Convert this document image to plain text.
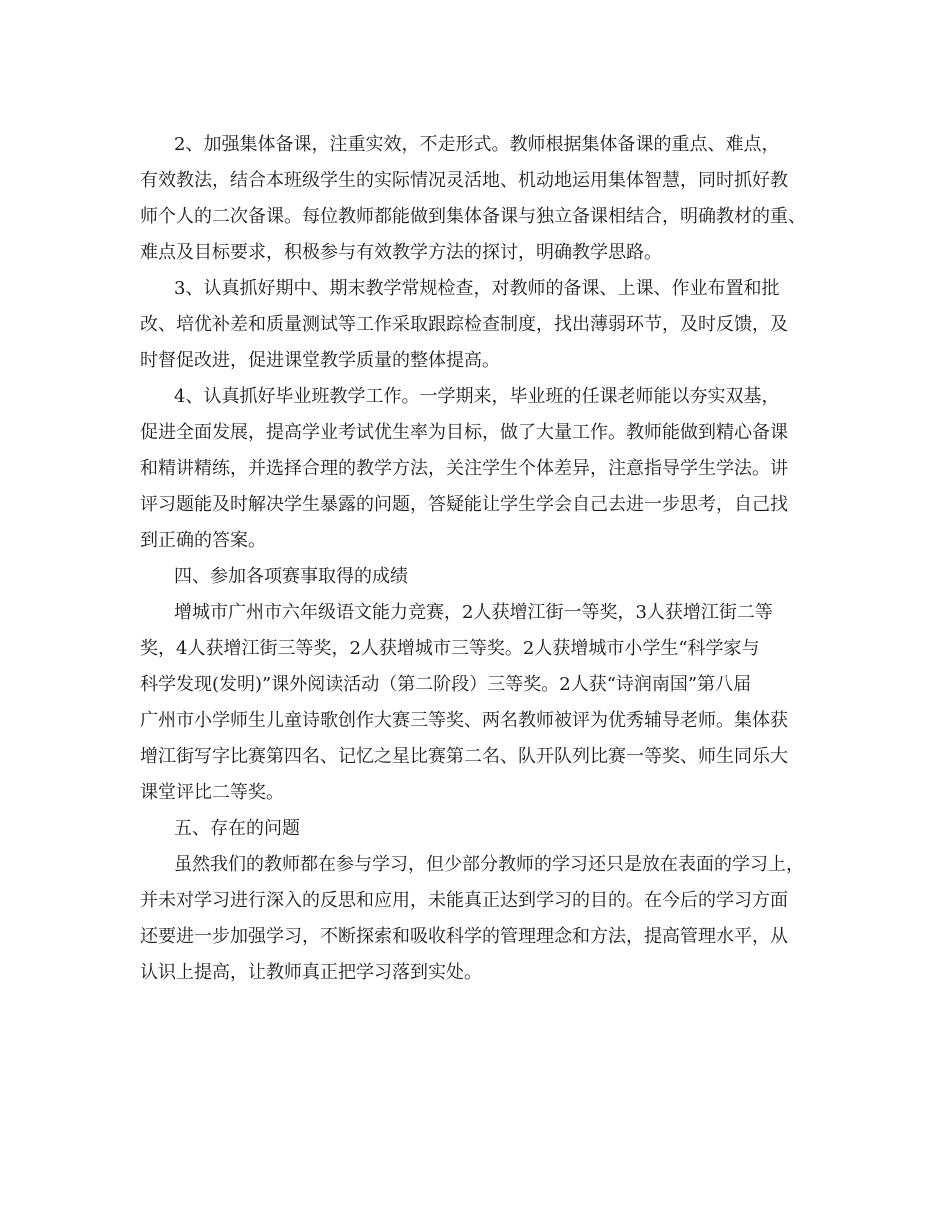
2、加强集体备课，注重实效，不走形式。教师根据集体备课的重点、难点，
有效教法，结合本班级学生的实际情况灵活地、机动地运用集体智慧，同时抓好教
师个人的二次备课。每位教师都能做到集体备课与独立备课相结合，明确教材的重、
难点及目标要求，积极参与有效教学方法的探讨，明确教学思路。
3、认真抓好期中、期末教学常规检查，对教师的备课、上课、作业布置和批
改、培优补差和质量测试等工作采取跟踪检查制度，找出薄弱环节，及时反馈，及
时督促改进，促进课堂教学质量的整体提高。
4、认真抓好毕业班教学工作。一学期来，毕业班的任课老师能以夯实双基，
促进全面发展，提高学业考试优生率为目标，做了大量工作。教师能做到精心备课
和精讲精练，并选择合理的教学方法，关注学生个体差异，注意指导学生学法。讲
评习题能及时解决学生暴露的问题，答疑能让学生学会自己去进一步思考，自己找
到正确的答案。
四、参加各项赛事取得的成绩
增城市广州市六年级语文能力竞赛，2人获增江街一等奖，3人获增江街二等
奖，4人获增江街三等奖，2人获增城市三等奖。2人获增城市小学生“科学家与
科学发现(发明)”课外阅读活动（第二阶段）三等奖。2人获“诗润南国”第八届
广州市小学师生儿童诗歌创作大赛三等奖、两名教师被评为优秀辅导老师。集体获
增江街写字比赛第四名、记忆之星比赛第二名、队开队列比赛一等奖、师生同乐大
课堂评比二等奖。
五、存在的问题
虽然我们的教师都在参与学习，但少部分教师的学习还只是放在表面的学习上，
并未对学习进行深入的反思和应用，未能真正达到学习的目的。在今后的学习方面
还要进一步加强学习，不断探索和吸收科学的管理理念和方法，提高管理水平，从
认识上提高，让教师真正把学习落到实处。
